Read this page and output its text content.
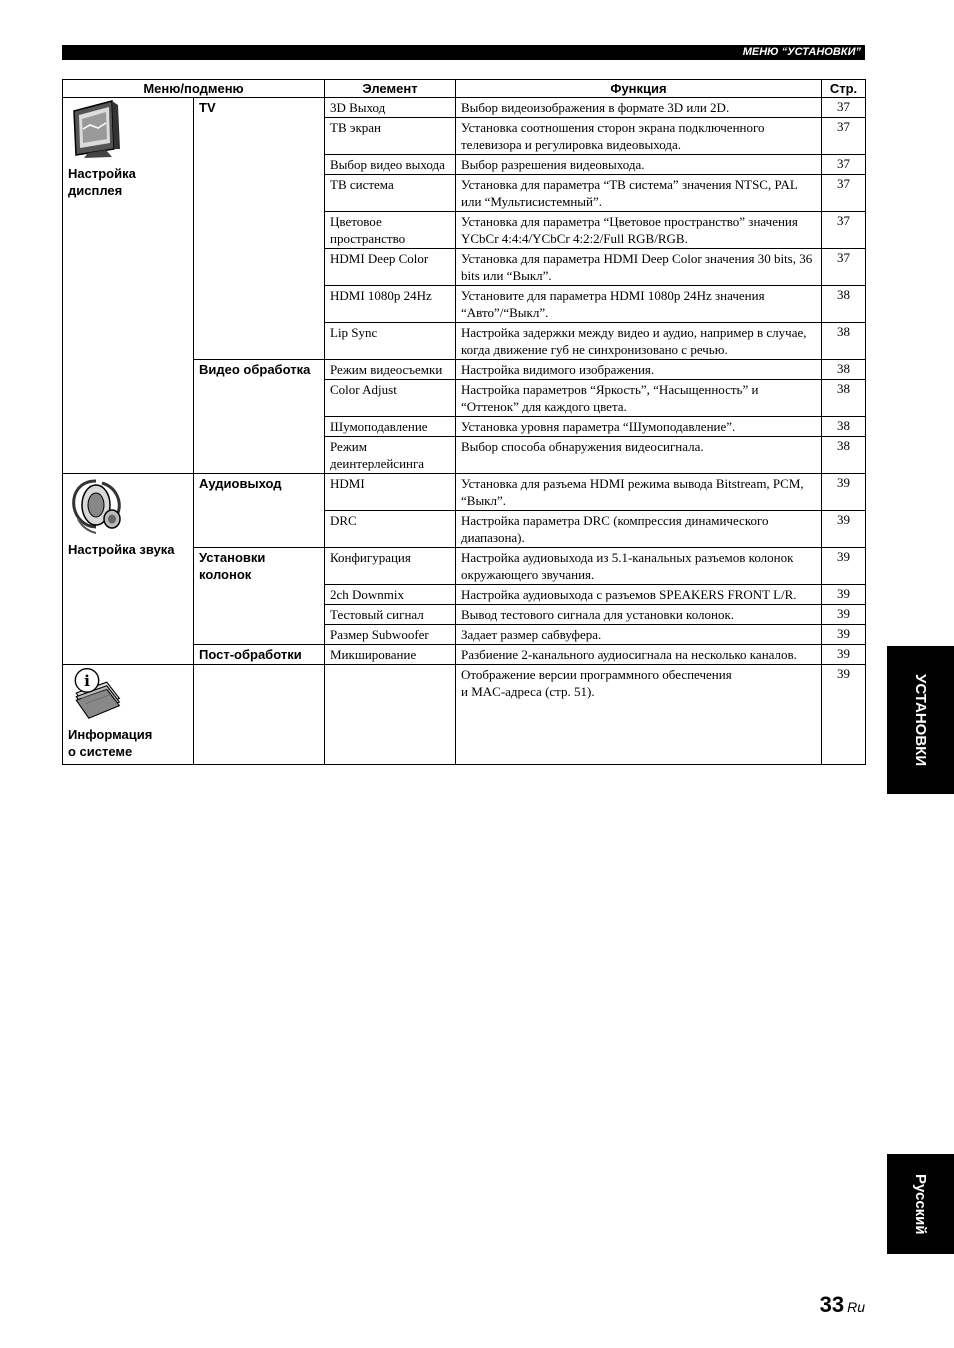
МЕНЮ “УСТАНОВКИ”
Меню/подменю		Элемент	Функция	Стр.

Настройка
дисплея	TV	3D Выход	Выбор видеоизображения в формате 3D или 2D.	37
		ТВ экран	Установка соотношения сторон экрана подключенного телевизора и регулировка видеовыхода.	37
		Выбор видео выхода	Выбор разрешения видеовыхода.	37
		ТВ система	Установка для параметра “ТВ система” значения NTSC, PAL или “Мультисистемный”.	37
		Цветовое пространство	Установка для параметра “Цветовое пространство” значения YCbCr 4:4:4/YCbCr 4:2:2/Full RGB/RGB.	37
		HDMI Deep Color	Установка для параметра HDMI Deep Color значения 30 bits, 36 bits или “Выкл”.	37
		HDMI 1080p 24Hz	Установите для параметра HDMI 1080p 24Hz значения “Авто”/“Выкл”.	38
		Lip Sync	Настройка задержки между видео и аудио, например в случае, когда движение губ не синхронизовано с речью.	38
	Видео обработка	Режим видеосъемки	Настройка видимого изображения.	38
		Color Adjust	Настройка параметров “Яркость”, “Насыщенность” и “Оттенок” для каждого цвета.	38
		Шумоподавление	Установка уровня параметра “Шумоподавление”.	38
		Режим деинтерлейсинга	Выбор способа обнаружения видеосигнала.	38

Настройка звука	Аудиовыход	HDMI	Установка для разъема HDMI режима вывода Bitstream, PCM, “Выкл”.	39
		DRC	Настройка параметра DRC (компрессия динамического диапазона).	39
	Установки
колонок	Конфигурация	Настройка аудиовыхода из 5.1-канальных разъемов колонок окружающего звучания.	39
		2ch Downmix	Настройка аудиовыхода с разъемов SPEAKERS FRONT L/R.	39
		Тестовый сигнал	Вывод тестового сигнала для установки колонок.	39
		Размер Subwoofer	Задает размер сабвуфера.	39
	Пост-обработки	Микширование	Разбиение 2-канального аудиосигнала на несколько каналов.	39

i
Информация
о системе			Отображение версии программного обеспечения
и MAC-адреса (стр. 51).	39
УСТАНОВКИ
Русский
33 Ru
